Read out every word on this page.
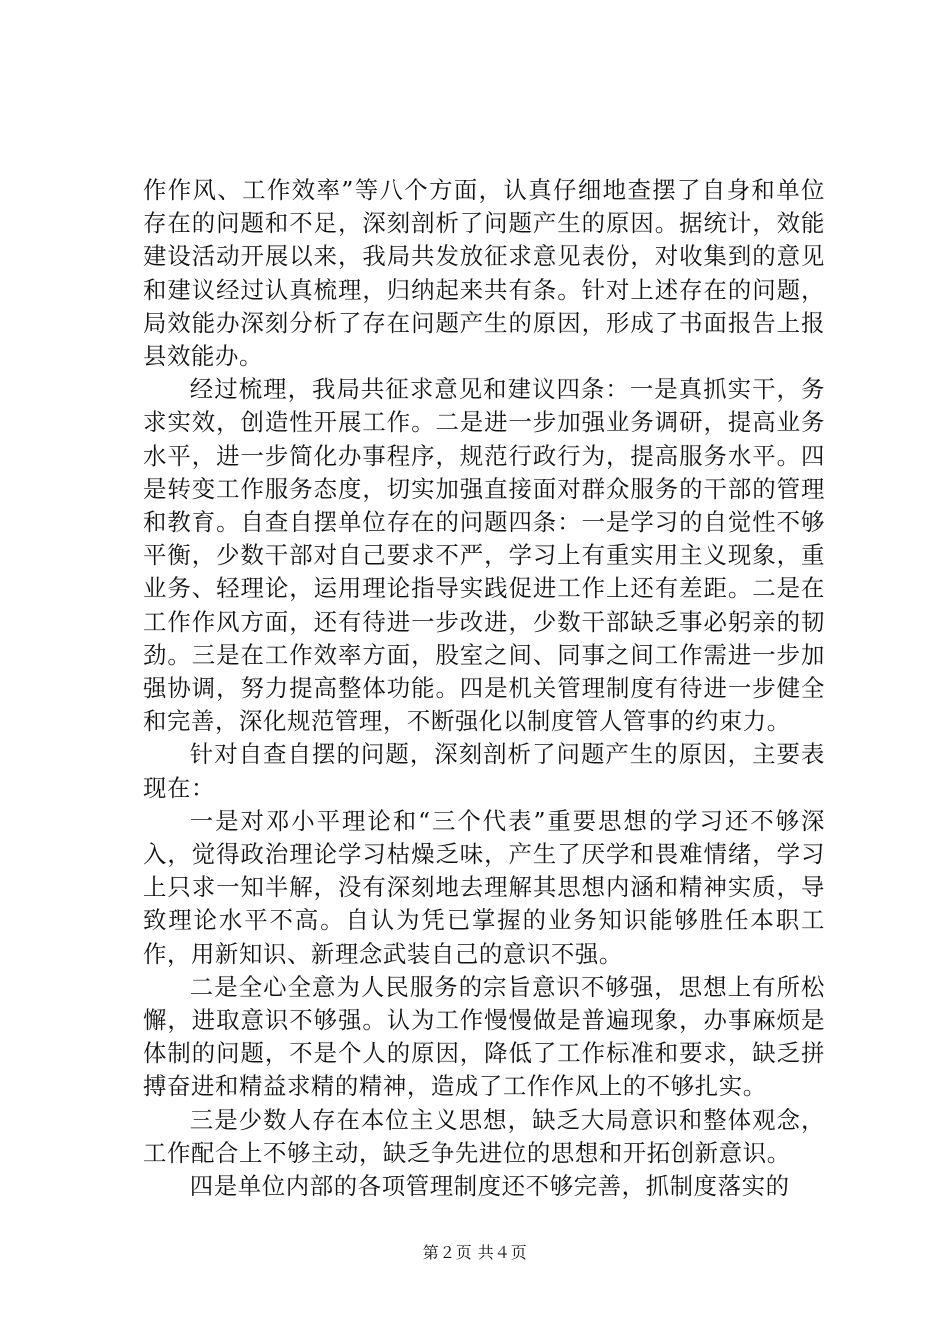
作作风、工作效率”等八个方面，认真仔细地查摆了自身和单位存在的问题和不足，深刻剖析了问题产生的原因。据统计，效能建设活动开展以来，我局共发放征求意见表份，对收集到的意见和建议经过认真梳理，归纳起来共有条。针对上述存在的问题，局效能办深刻分析了存在问题产生的原因，形成了书面报告上报县效能办。

经过梳理，我局共征求意见和建议四条：一是真抓实干，务求实效，创造性开展工作。二是进一步加强业务调研，提高业务水平，进一步简化办事程序，规范行政行为，提高服务水平。四是转变工作服务态度，切实加强直接面对群众服务的干部的管理和教育。自查自摆单位存在的问题四条：一是学习的自觉性不够平衡，少数干部对自己要求不严，学习上有重实用主义现象，重业务、轻理论，运用理论指导实践促进工作上还有差距。二是在工作作风方面，还有待进一步改进，少数干部缺乏事必躬亲的韧劲。三是在工作效率方面，股室之间、同事之间工作需进一步加强协调，努力提高整体功能。四是机关管理制度有待进一步健全和完善，深化规范管理，不断强化以制度管人管事的约束力。

针对自查自摆的问题，深刻剖析了问题产生的原因，主要表现在：

一是对邓小平理论和“三个代表”重要思想的学习还不够深入，觉得政治理论学习枯燥乏味，产生了厌学和畏难情绪，学习上只求一知半解，没有深刻地去理解其思想内涵和精神实质，导致理论水平不高。自认为凭已掌握的业务知识能够胜任本职工作，用新知识、新理念武装自己的意识不强。

二是全心全意为人民服务的宗旨意识不够强，思想上有所松懈，进取意识不够强。认为工作慢慢做是普遍现象，办事麻烦是体制的问题，不是个人的原因，降低了工作标准和要求，缺乏拼搏奋进和精益求精的精神，造成了工作作风上的不够扎实。

三是少数人存在本位主义思想，缺乏大局意识和整体观念，工作配合上不够主动，缺乏争先进位的思想和开拓创新意识。

四是单位内部的各项管理制度还不够完善，抓制度落实的

第２页 共４页
